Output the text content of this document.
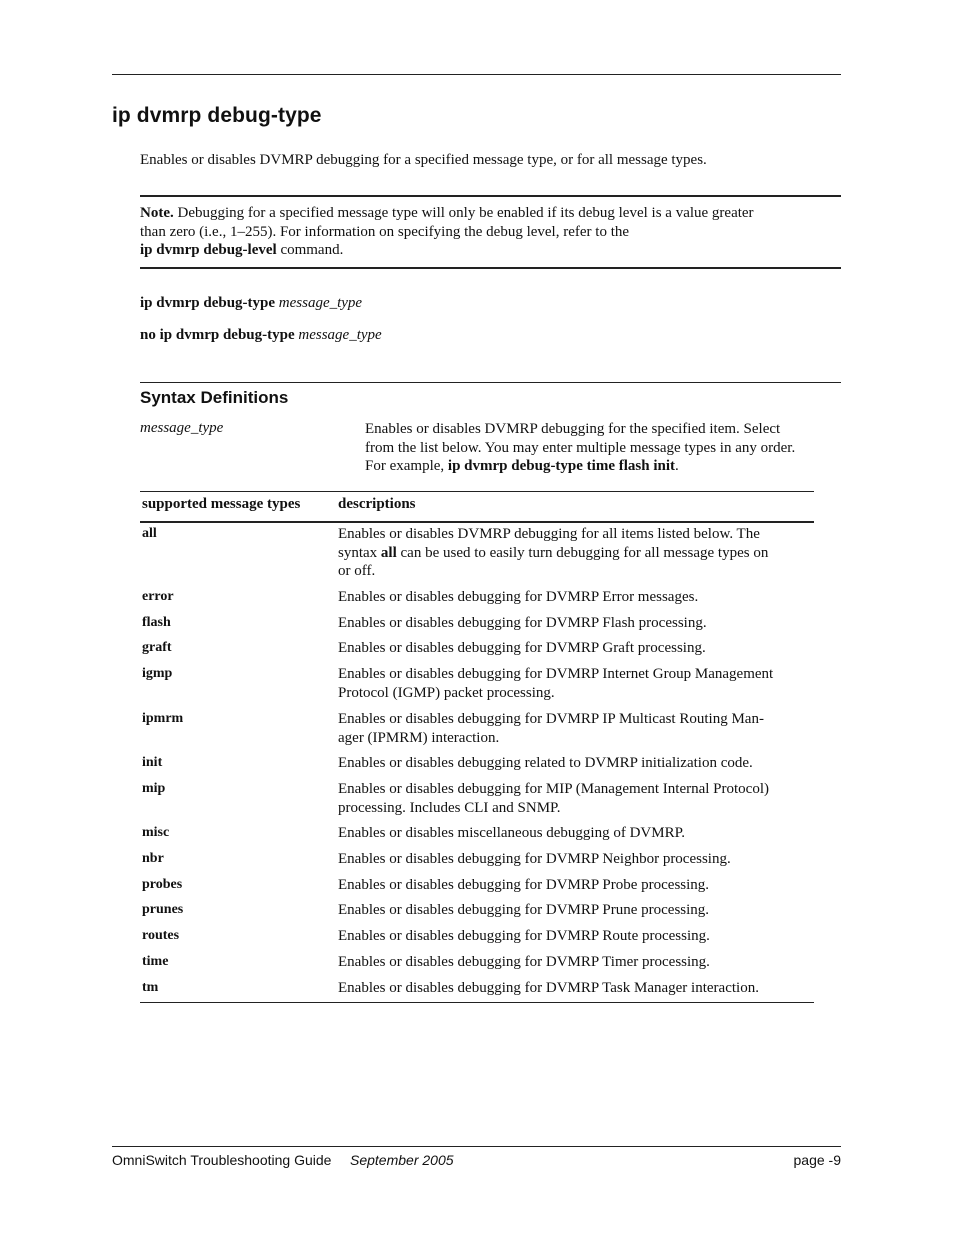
ip dvmrp debug-type
Enables or disables DVMRP debugging for a specified message type, or for all message types.
Note. Debugging for a specified message type will only be enabled if its debug level is a value greater
than zero (i.e., 1–255). For information on specifying the debug level, refer to the
ip dvmrp debug-level command.
ip dvmrp debug-type message_type
no ip dvmrp debug-type message_type
Syntax Definitions
message_type	Enables or disables DVMRP debugging for the specified item. Select
from the list below. You may enter multiple message types in any order.
For example, ip dvmrp debug-type time flash init.
supported message types	descriptions
all	Enables or disables DVMRP debugging for all items listed below. The
syntax all can be used to easily turn debugging for all message types on
or off.
error	Enables or disables debugging for DVMRP Error messages.
flash	Enables or disables debugging for DVMRP Flash processing.
graft	Enables or disables debugging for DVMRP Graft processing.
igmp	Enables or disables debugging for DVMRP Internet Group Management
Protocol (IGMP) packet processing.
ipmrm	Enables or disables debugging for DVMRP IP Multicast Routing Man-
ager (IPMRM) interaction.
init	Enables or disables debugging related to DVMRP initialization code.
mip	Enables or disables debugging for MIP (Management Internal Protocol)
processing. Includes CLI and SNMP.
misc	Enables or disables miscellaneous debugging of DVMRP.
nbr	Enables or disables debugging for DVMRP Neighbor processing.
probes	Enables or disables debugging for DVMRP Probe processing.
prunes	Enables or disables debugging for DVMRP Prune processing.
routes	Enables or disables debugging for DVMRP Route processing.
time	Enables or disables debugging for DVMRP Timer processing.
tm	Enables or disables debugging for DVMRP Task Manager interaction.
OmniSwitch Troubleshooting Guide September 2005	page -9
